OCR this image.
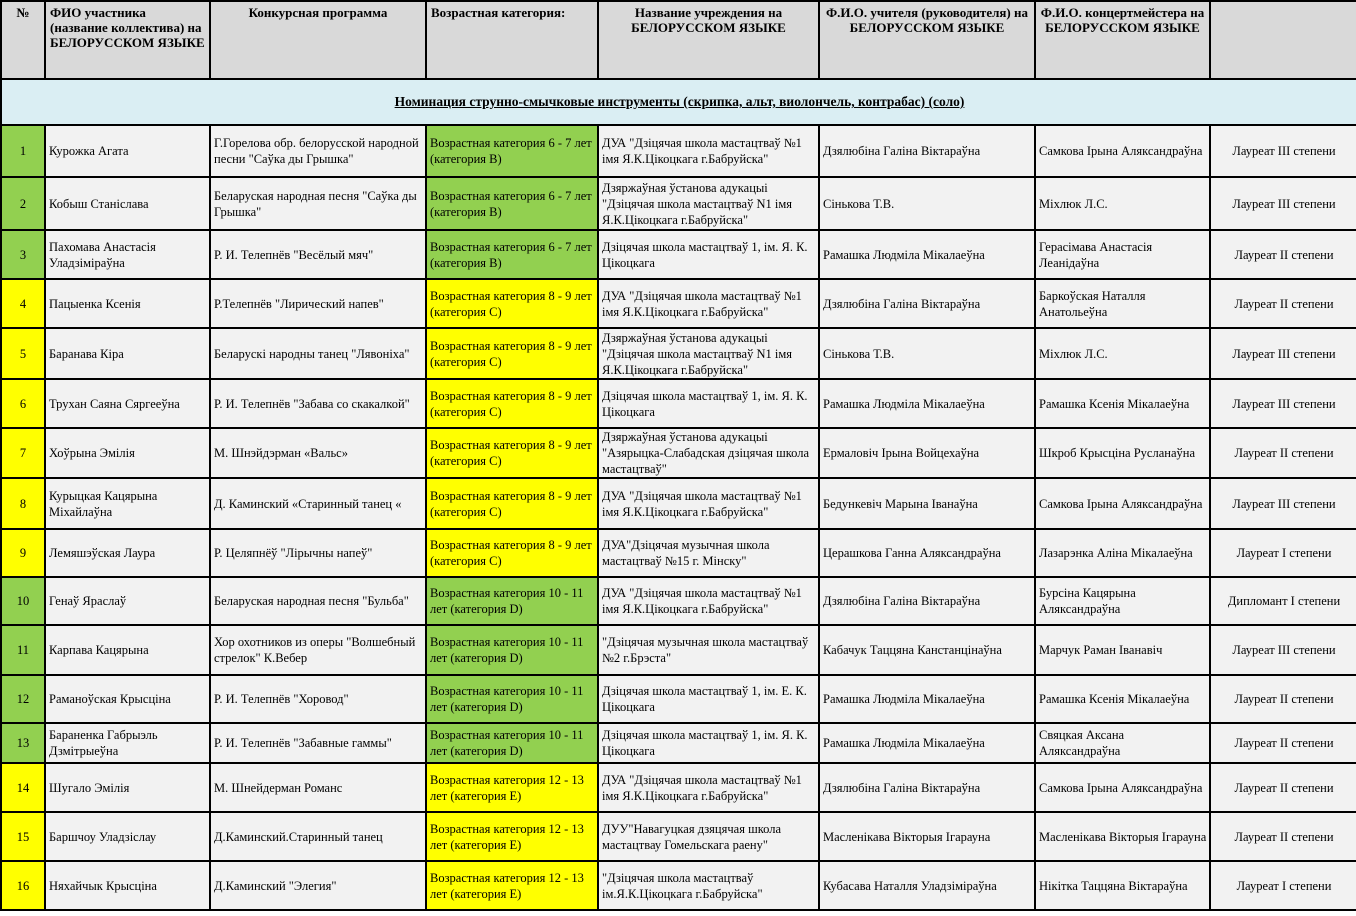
№	ФИО участника (название коллектива) на БЕЛОРУССКОМ ЯЗЫКЕ	Конкурсная программа	Возрастная категория:	Название учреждения на БЕЛОРУССКОМ ЯЗЫКЕ	Ф.И.О. учителя (руководителя) на БЕЛОРУССКОМ ЯЗЫКЕ	Ф.И.О. концертмейстера на БЕЛОРУССКОМ ЯЗЫКЕ	
Номинация струнно-смычковые инструменты (скрипка, альт, виолончель, контрабас) (соло)							
1	Курожка Агата	Г.Горелова обр. белорусской народной песни "Саўка ды Грышка"	Возрастная категория 6 - 7 лет (категория В)	ДУА "Дзiцячая школа мастацтваў №1 імя Я.К.Цікоцкага г.Бабруйска"	Дзялюбіна Галіна Віктараўна	Самкова Ірына Аляксандраўна	Лауреат III степени
2	Кобыш Станіслава	Беларуская народная песня "Саўка ды Грышка"	Возрастная категория 6 - 7 лет (категория В)	Дзяржаўная ўстанова адукацыі "Дзіцячая школа мастацтваў N1 імя Я.К.Цікоцкага г.Бабруйска"	Сінькова Т.В.	Міхлюк Л.С.	Лауреат III степени
3	Пахомава Анастасія Уладзіміраўна	Р. И. Телепнёв "Весёлый мяч"	Возрастная категория 6 - 7 лет (категория В)	Дзіцячая школа мастацтваў 1, ім. Я. К. Цікоцкага	Рамашка Людміла Мікалаеўна	Герасімава Анастасія Леанідаўна	Лауреат II степени
4	Пацыенка Ксенія	Р.Телепнёв "Лирический напев"	Возрастная категория 8 - 9 лет (категория С)	ДУА "Дзiцячая школа мастацтваў №1 імя Я.К.Цікоцкага г.Бабруйска"	Дзялюбіна Галіна Віктараўна	Баркоўская Наталля Анатольеўна	Лауреат II степени
5	Баранава Кіра	Беларускі народны танец "Лявоніха"	Возрастная категория 8 - 9 лет (категория С)	Дзяржаўная ўстанова адукацыі "Дзіцячая школа мастацтваў N1 імя Я.К.Цікоцкага г.Бабруйска"	Сінькова Т.В.	Міхлюк Л.С.	Лауреат III степени
6	Трухан Саяна Сяргееўна	Р. И. Телепнёв "Забава со скакалкой"	Возрастная категория 8 - 9 лет (категория С)	Дзіцячая школа мастацтваў 1, ім. Я. К. Цікоцкага	Рамашка Людміла Мікалаеўна	Рамашка Ксенія Мікалаеўна	Лауреат III степени
7	Хоўрына Эмілія	М. Шнэйдэрман «Вальс»	Возрастная категория 8 - 9 лет (категория С)	Дзяржаўная ўстанова адукацыі "Азярыцка-Слабадская дзіцячая школа мастацтваў"	Ермаловіч Ірына Войцехаўна	Шкроб Крысціна Русланаўна	Лауреат II степени
8	Курыцкая Кацярына Міхайлаўна	Д. Каминский «Старинный танец «	Возрастная категория 8 - 9 лет (категория С)	ДУА "Дзiцячая школа мастацтваў №1 імя Я.К.Цікоцкага г.Бабруйска"	Бедункевіч Марына Іванаўна	Самкова Ірына Аляксандраўна	Лауреат III степени
9	Лемяшэўская Лаура	Р. Целяпнёў "Лірычны напеў"	Возрастная категория 8 - 9 лет (категория С)	ДУА"Дзіцячая музычная школа мастацтваў №15 г. Мінску"	Церашкова Ганна Аляксандраўна	Лазарэнка Аліна Мікалаеўна	Лауреат I степени
10	Генаў Яраслаў	Беларуская народная песня "Бульба"	Возрастная категория 10 - 11 лет (категория D)	ДУА "Дзiцячая школа мастацтваў №1 імя Я.К.Цікоцкага г.Бабруйска"	Дзялюбіна Галіна Віктараўна	Бурсіна Кацярына Аляксандраўна	Дипломант I степени
11	Карпава Кацярына	Хор охотников из оперы "Волшебный стрелок" К.Вебер	Возрастная категория 10 - 11 лет (категория D)	"Дзiцячая музычная школа мастацтваў №2 г.Брэста"	Кабачук Таццяна Канстанцінаўна	Марчук Раман Іванавіч	Лауреат III степени
12	Раманоўская Крысціна	Р. И. Телепнёв "Хоровод"	Возрастная категория 10 - 11 лет (категория D)	Дзіцячая школа мастацтваў 1, ім. Е. К. Цікоцкага	Рамашка Людміла Мікалаеўна	Рамашка Ксенія Мікалаеўна	Лауреат II степени
13	Бараненка Габрыэль Дзмітрыеўна	Р. И. Телепнёв "Забавные гаммы"	Возрастная категория 10 - 11 лет (категория D)	Дзіцячая школа мастацтваў 1, ім. Я. К. Цікоцкага	Рамашка Людміла Мікалаеўна	Свяцкая Аксана Аляксандраўна	Лауреат II степени
14	Шугало Эмілія	М. Шнейдерман Романс	Возрастная категория 12 - 13 лет (категория Е)	ДУА "Дзiцячая школа мастацтваў №1 імя Я.К.Цікоцкага г.Бабруйска"	Дзялюбіна Галіна Віктараўна	Самкова Ірына Аляксандраўна	Лауреат II степени
15	Баршчоу Уладзіслау	Д.Каминский.Старинный танец	Возрастная категория 12 - 13 лет (категория Е)	ДУУ"Навагуцкая дзяцячая школа мастацтвау Гомельскага раену"	Масленікава Вікторыя Ігарауна	Масленікава Вікторыя Ігарауна	Лауреат II степени
16	Няхайчык Крысціна	Д.Каминский "Элегия"	Возрастная категория 12 - 13 лет (категория Е)	"Дзiцячая школа мастацтваў ім.Я.К.Цікоцкага г.Бабруйска"	Кубасава Наталля Уладзіміраўна	Нікітка Таццяна Віктараўна	Лауреат I степени
